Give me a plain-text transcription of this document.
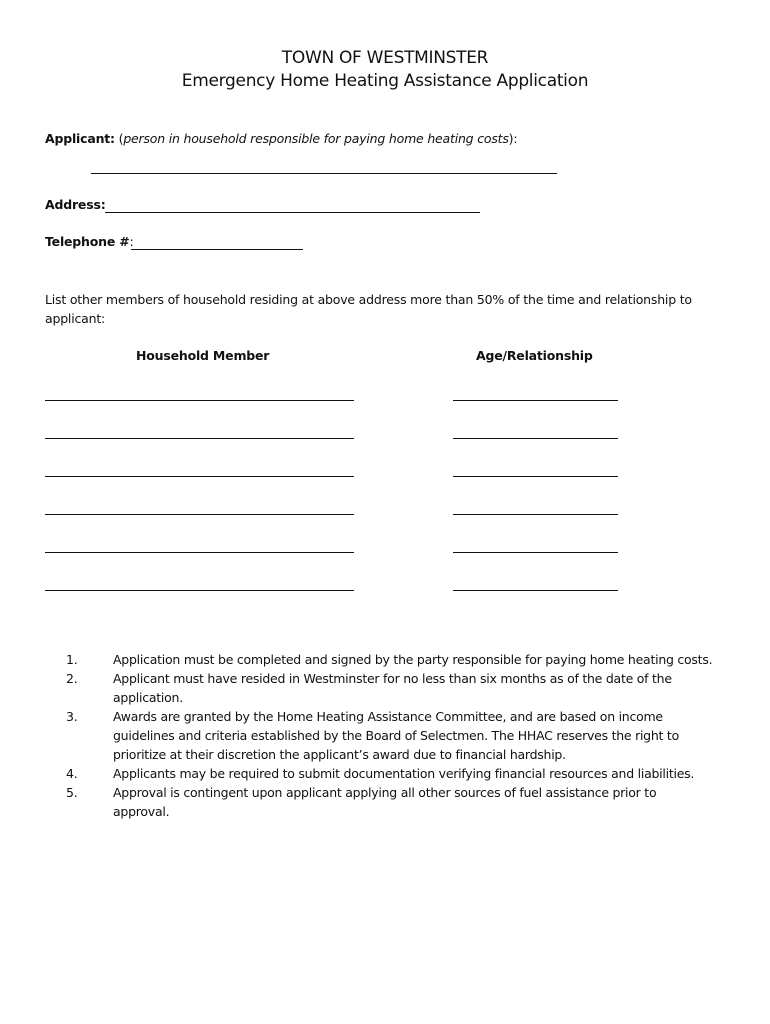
TOWN OF WESTMINSTER
Emergency Home Heating Assistance Application
Applicant: (person in household responsible for paying home heating costs):
Address:
Telephone #:
List other members of household residing at above address more than 50% of the time and relationship to applicant:
Household Member	Age/Relationship
1.	Application must be completed and signed by the party responsible for paying home heating costs.
2.	Applicant must have resided in Westminster for no less than six months as of the date of the application.
3.	Awards are granted by the Home Heating Assistance Committee, and are based on income guidelines and criteria established by the Board of Selectmen. The HHAC reserves the right to prioritize at their discretion the applicant’s award due to financial hardship.
4.	Applicants may be required to submit documentation verifying financial resources and liabilities.
5.	Approval is contingent upon applicant applying all other sources of fuel assistance prior to approval.
